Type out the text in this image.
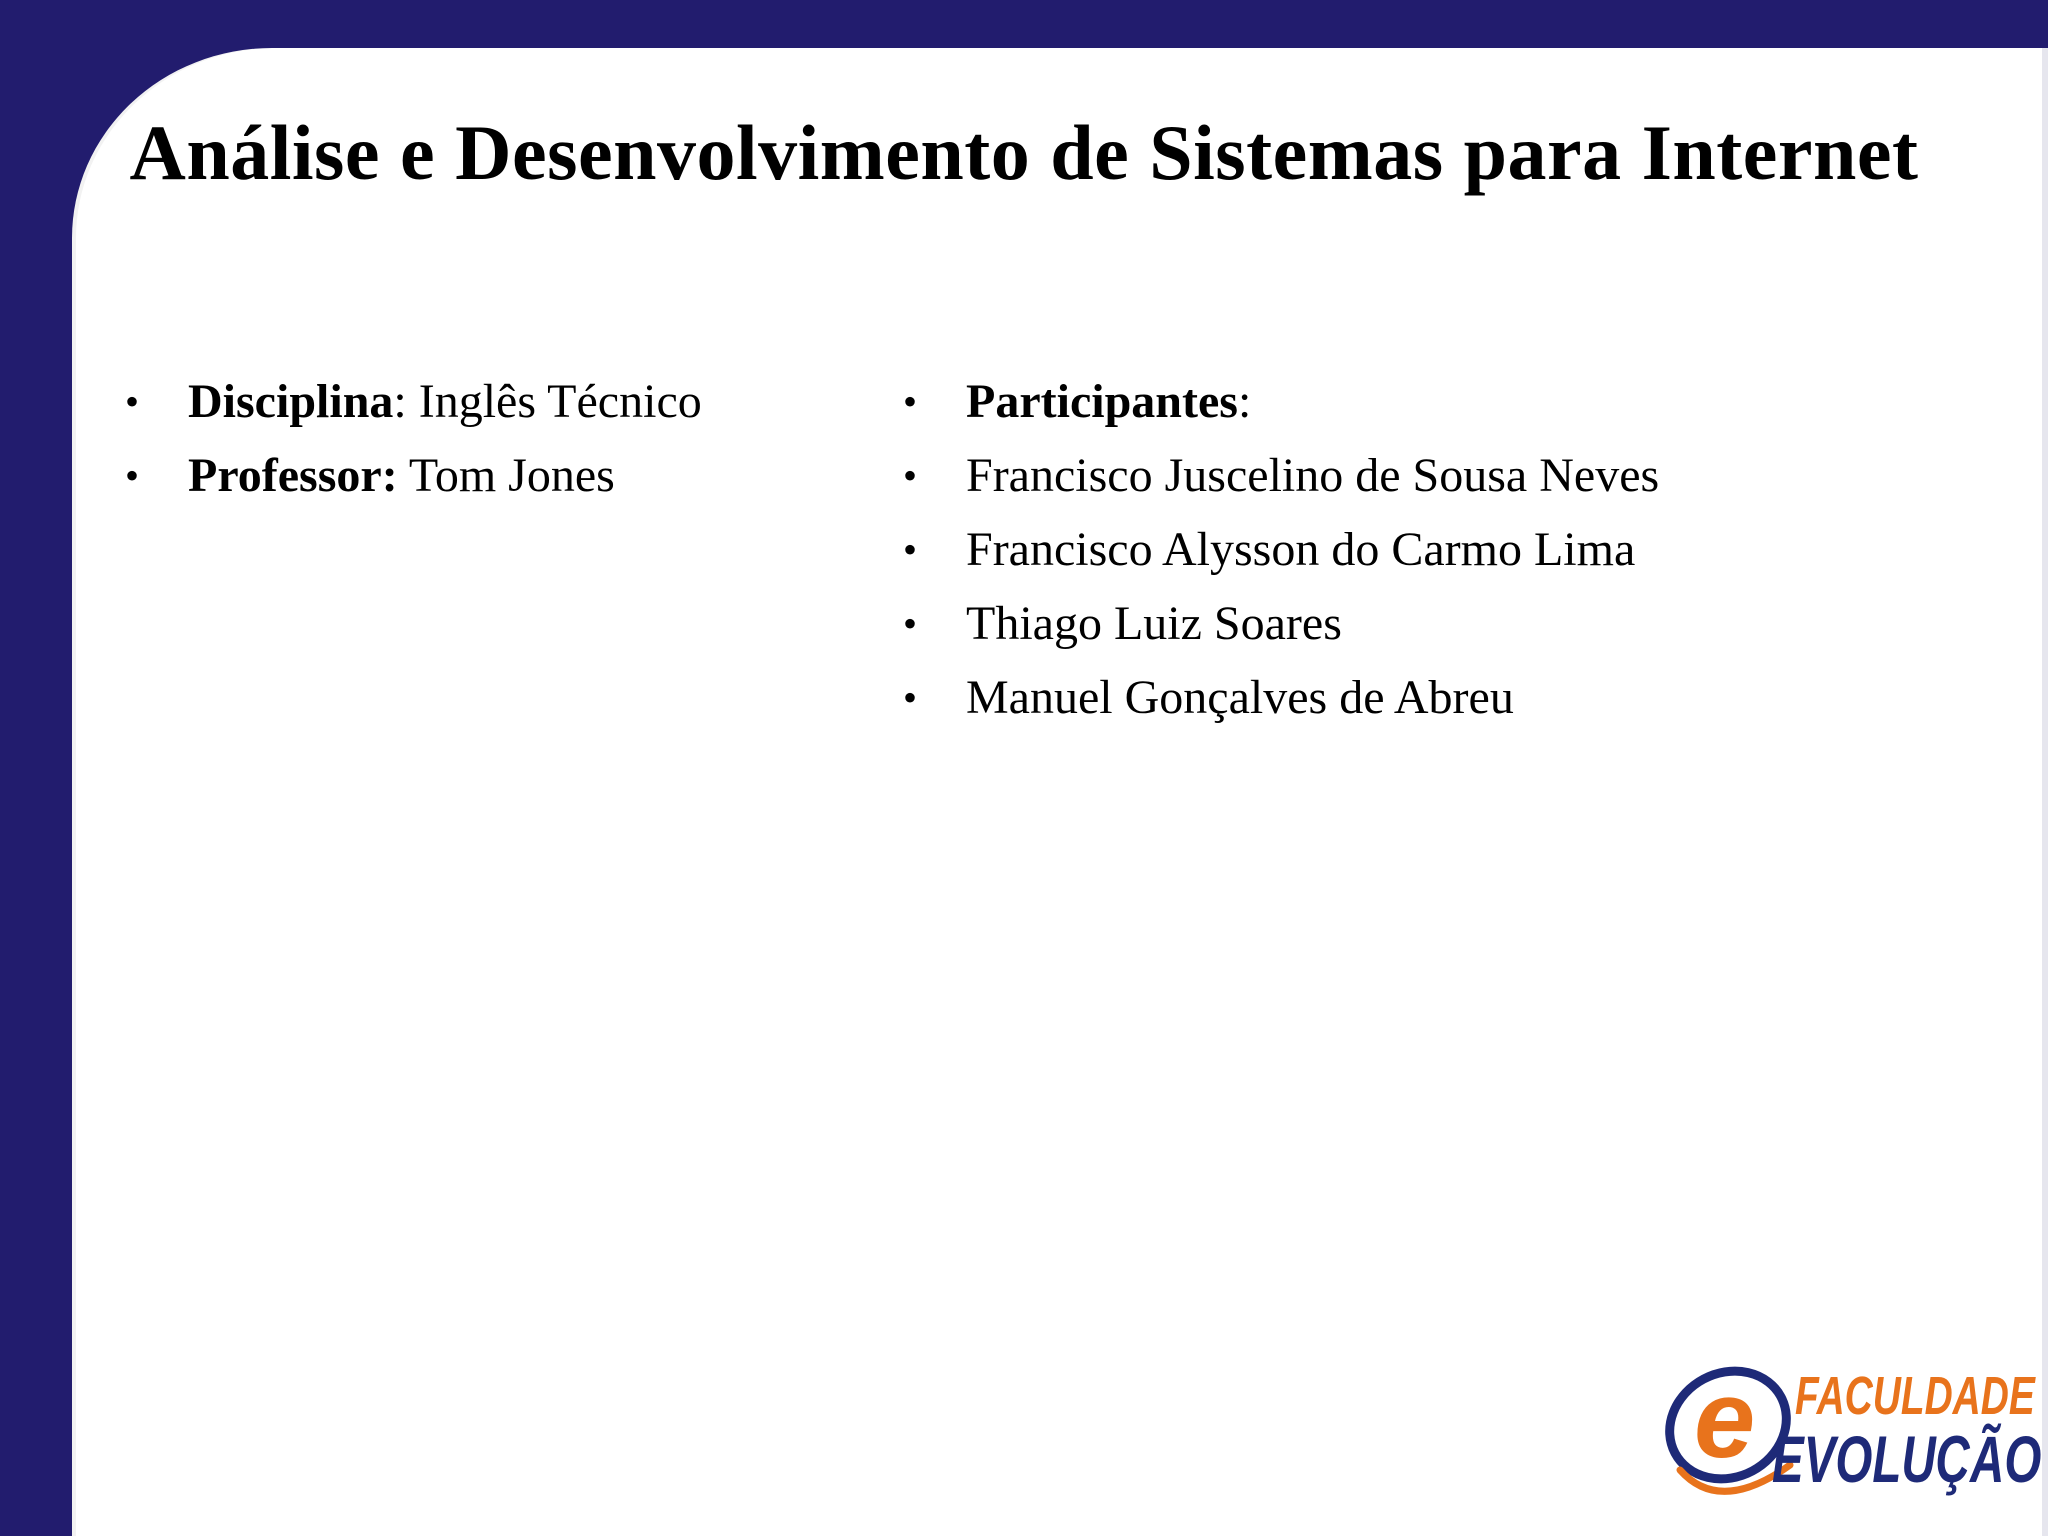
Análise e Desenvolvimento de Sistemas para Internet
• Disciplina: Inglês Técnico
• Professor: Tom Jones
• Participantes:
• Francisco Juscelino de Sousa Neves
• Francisco Alysson do Carmo Lima
• Thiago Luiz Soares
• Manuel Gonçalves de Abreu
e FACULDADE
EVOLUÇÃO
